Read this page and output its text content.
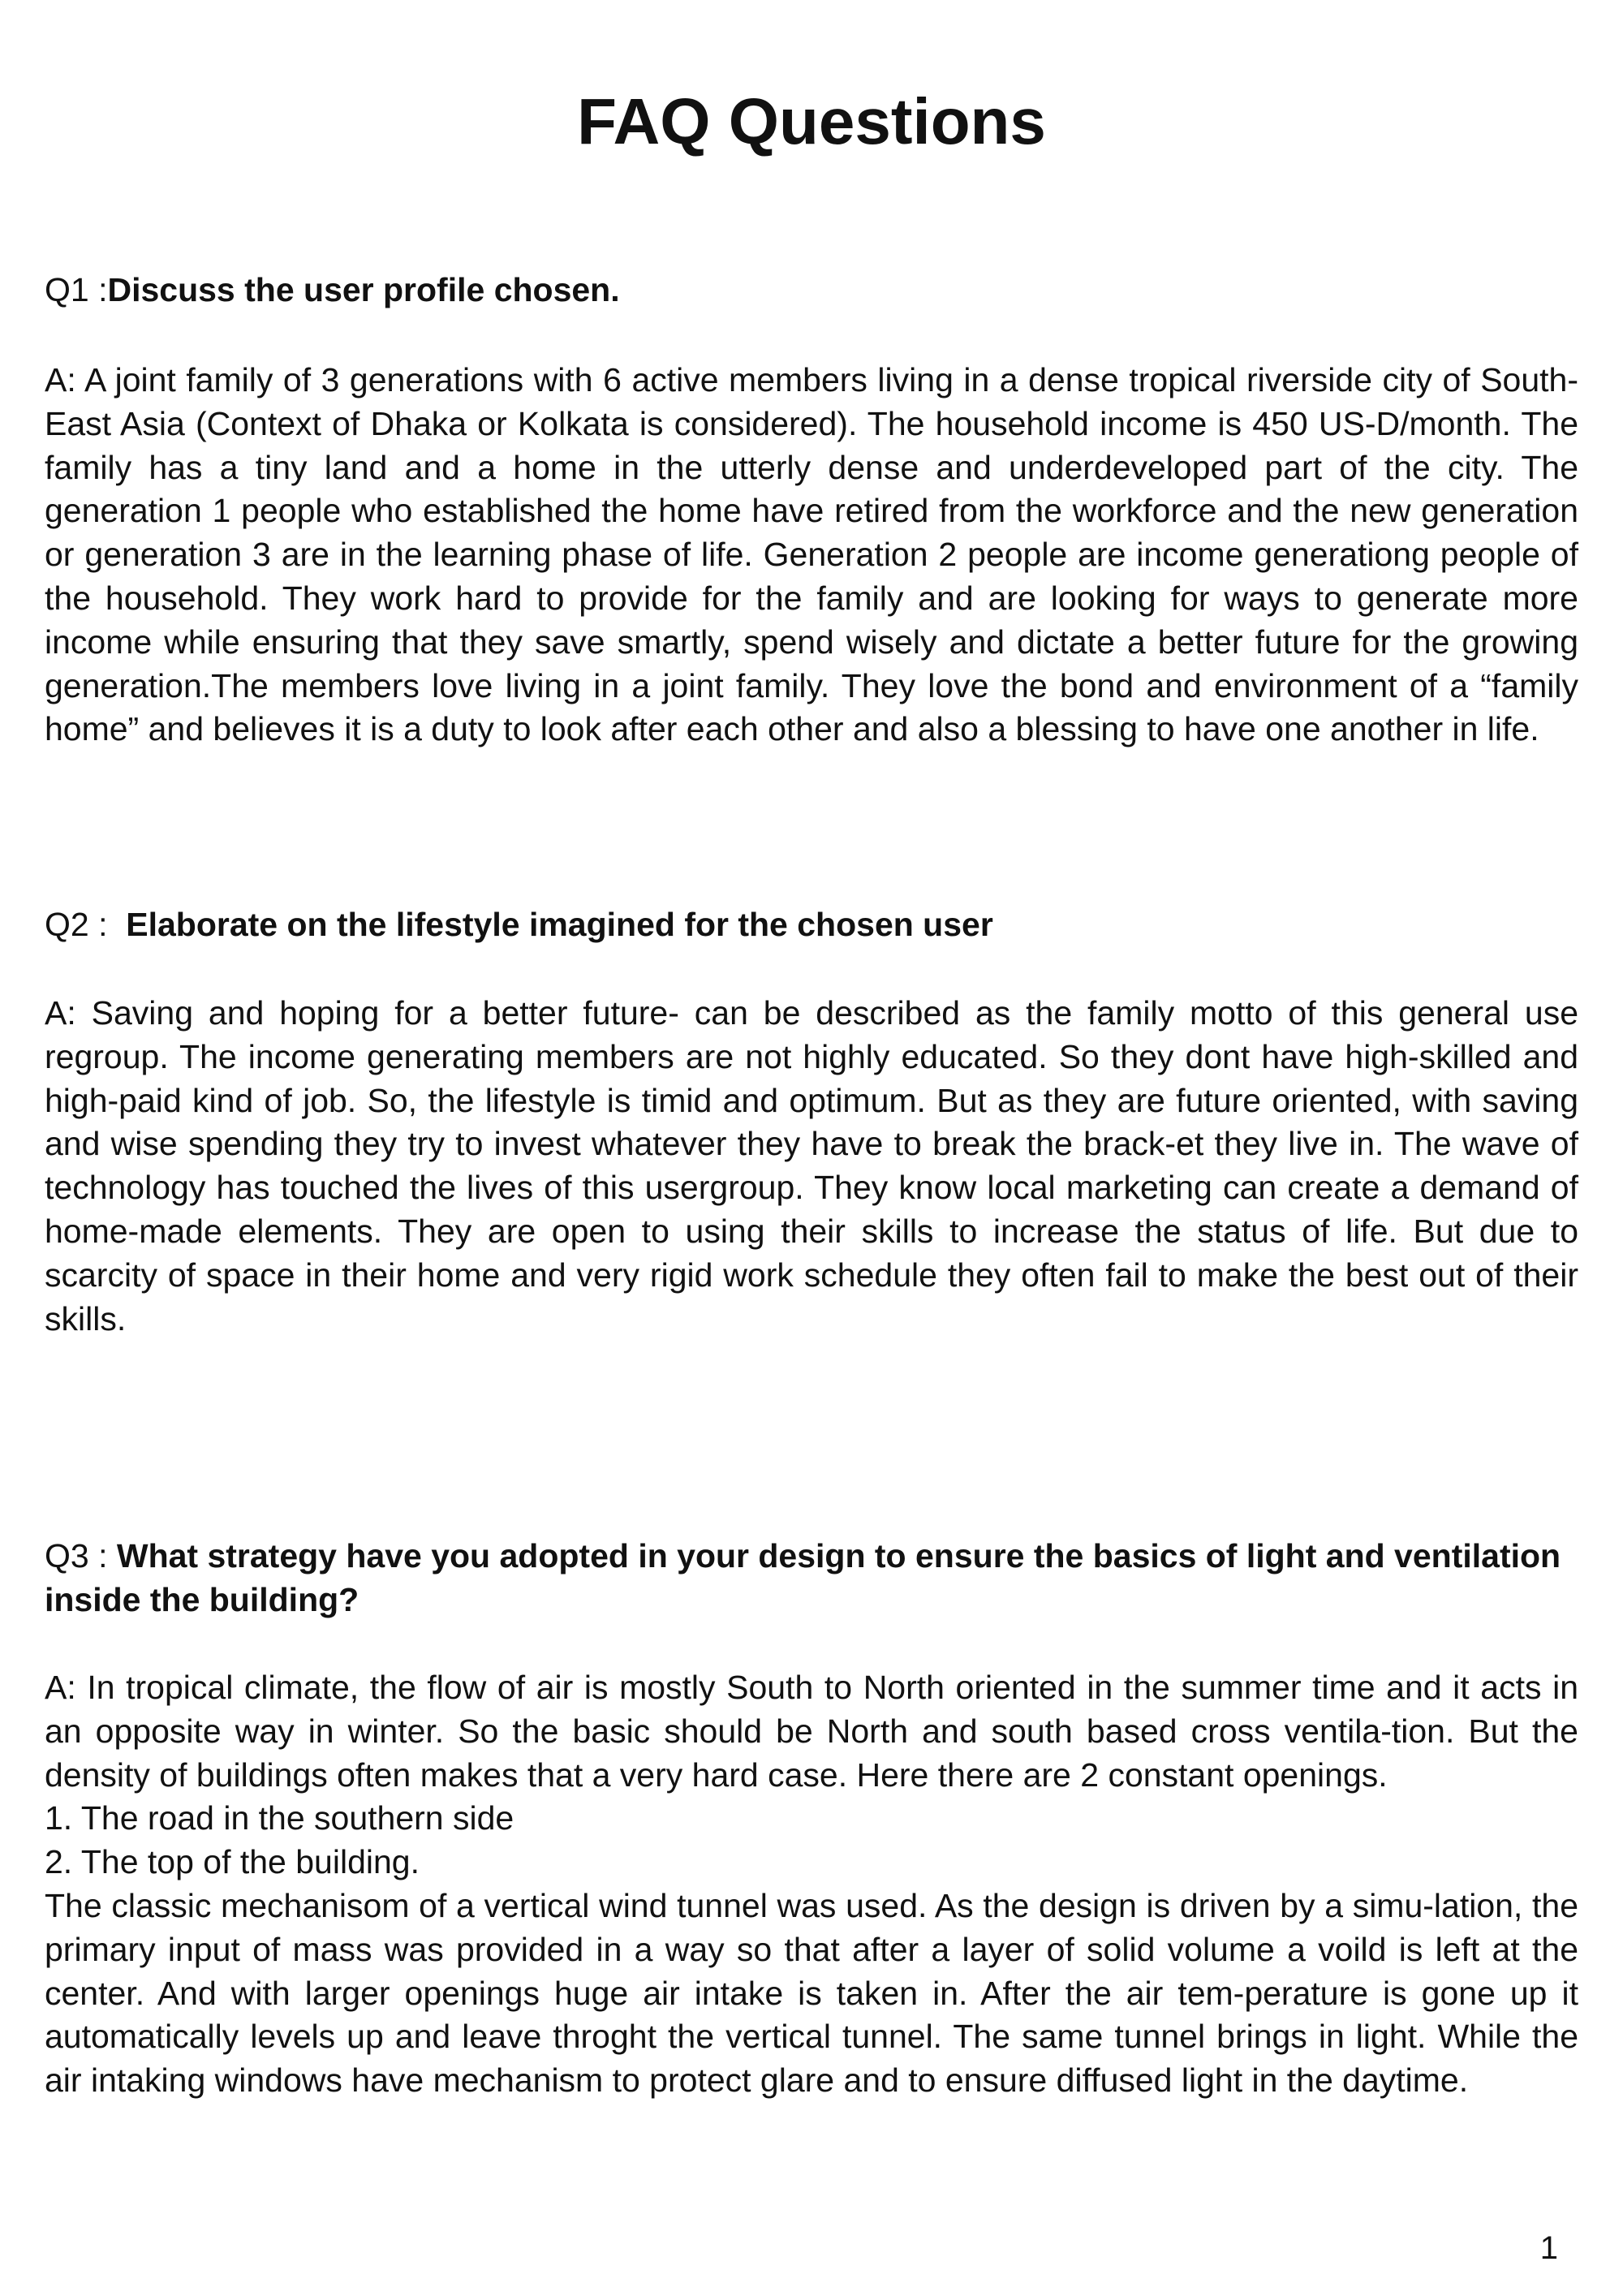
FAQ Questions

Q1 :Discuss the user profile chosen.

A: A joint family of 3 generations with 6 active members living in a dense tropical riverside city of South-East Asia (Context of Dhaka or Kolkata is considered). The household income is 450 US-D/month. The family has a tiny land and a home in the utterly dense and underdeveloped part of the city. The generation 1 people who established the home have retired from the workforce and the new generation or generation 3 are in the learning phase of life. Generation 2 people are income generationg people of the household. They work hard to provide for the family and are looking for ways to generate more income while ensuring that they save smartly, spend wisely and dictate a better future for the growing generation.The members love living in a joint family. They love the bond and environment of a “family home” and believes it is a duty to look after each other and also a blessing to have one another in life.

Q2 :  Elaborate on the lifestyle imagined for the chosen user

A: Saving and hoping for a better future- can be described as the family motto of this general use regroup. The income generating members are not highly educated. So they dont have high-skilled and high-paid kind of job. So, the lifestyle is timid and optimum. But as they are future oriented, with saving and wise spending they try to invest whatever they have to break the brack-et they live in. The wave of technology has touched the lives of this usergroup. They know local marketing can create a demand of home-made elements. They are open to using their skills to increase the status of life. But due to scarcity of space in their home and very rigid work schedule they often fail to make the best out of their skills.

Q3 : What strategy have you adopted in your design to ensure the basics of light and ventilation inside the building?

A: In tropical climate, the flow of air is mostly South to North oriented in the summer time and it acts in an opposite way in winter. So the basic should be North and south based cross ventila-tion. But the density of buildings often makes that a very hard case. Here there are 2 constant openings.
1. The road in the southern side
2. The top of the building.
The classic mechanisom of a vertical wind tunnel was used. As the design is driven by a simu-lation, the primary input of mass was provided in a way so that after a layer of solid volume a voild is left at the center. And with larger openings huge air intake is taken in. After the air tem-perature is gone up it automatically levels up and leave throght the vertical tunnel. The same tunnel brings in light. While the air intaking windows have mechanism to protect glare and to ensure diffused light in the daytime.

1
